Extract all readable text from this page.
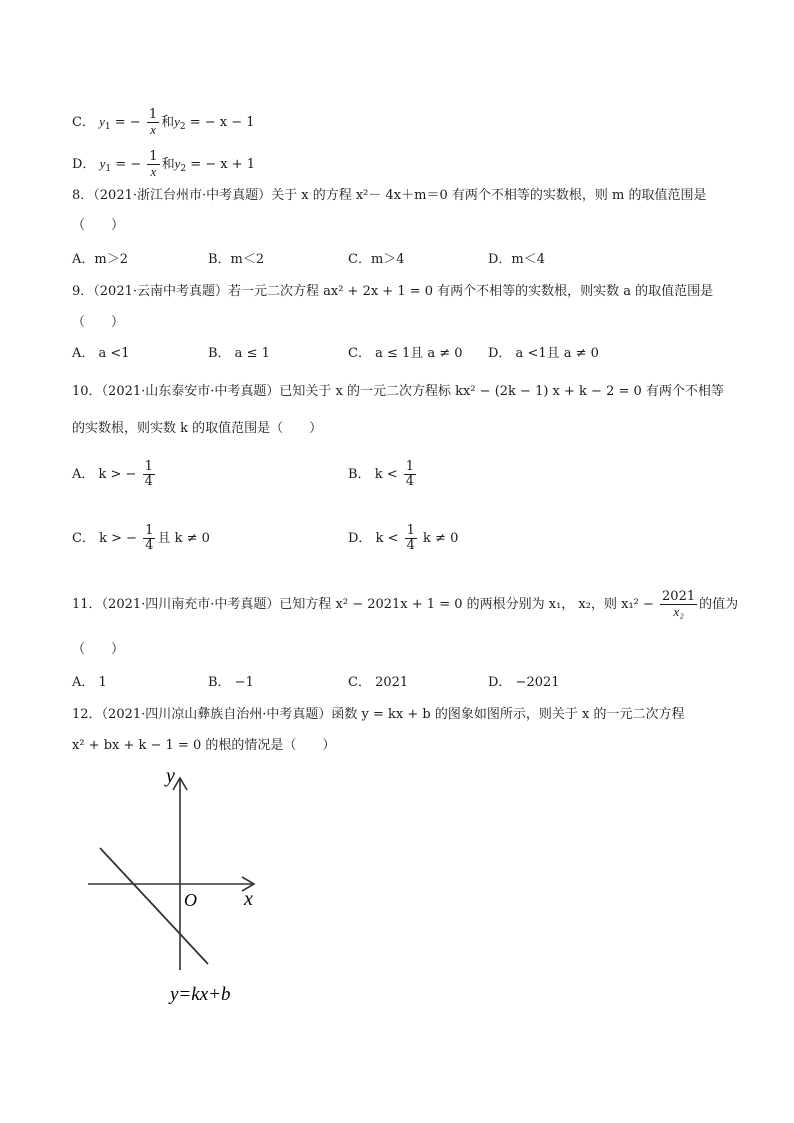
C． $y_1$ = − $\frac{1}{x}$ 和$y_2$ = − x − 1
D． $y_1$ = − $\frac{1}{x}$ 和$y_2$ = − x + 1
8．（2021·浙江台州市·中考真题）关于 x 的方程 x²－ 4x＋m＝0 有两个不相等的实数根，则 m 的取值范围是
（　　）
A．m＞2	B．m＜2	C．m＞4	D．m＜4
9．（2021·云南中考真题）若一元二次方程 ax² + 2x + 1 = 0 有两个不相等的实数根，则实数 a 的取值范围是
（　　）
A． a <1	B． a ≤ 1	C． a ≤ 1且 a ≠ 0 D． a <1且 a ≠ 0
10．（2021·山东泰安市·中考真题）已知关于 x 的一元二次方程标 kx² − (2k − 1) x + k − 2 = 0 有两个不相等
的实数根，则实数 k 的取值范围是（　　）
A． k > − $\frac{1}{4}$	B． $k < \frac{1}{4}$
C． k > − $\frac{1}{4}$ 且 k ≠ 0	D． $k < \frac{1}{4}$ k ≠ 0
11．（2021·四川南充市·中考真题）已知方程 x² − 2021x + 1 = 0 的两根分别为 x₁， x₂，则 $x_1^2 - \frac{2021}{\text{x₂}}$ 的值为
（　　）
A． 1	B． −1	C． 2021	D． −2021
12．（2021·四川凉山彝族自治州·中考真题）函数 y = kx + b 的图象如图所示，则关于 x 的一元二次方程
x² + bx + k − 1 = 0 的根的情况是（　　）
y
x
O
y=kx+b
